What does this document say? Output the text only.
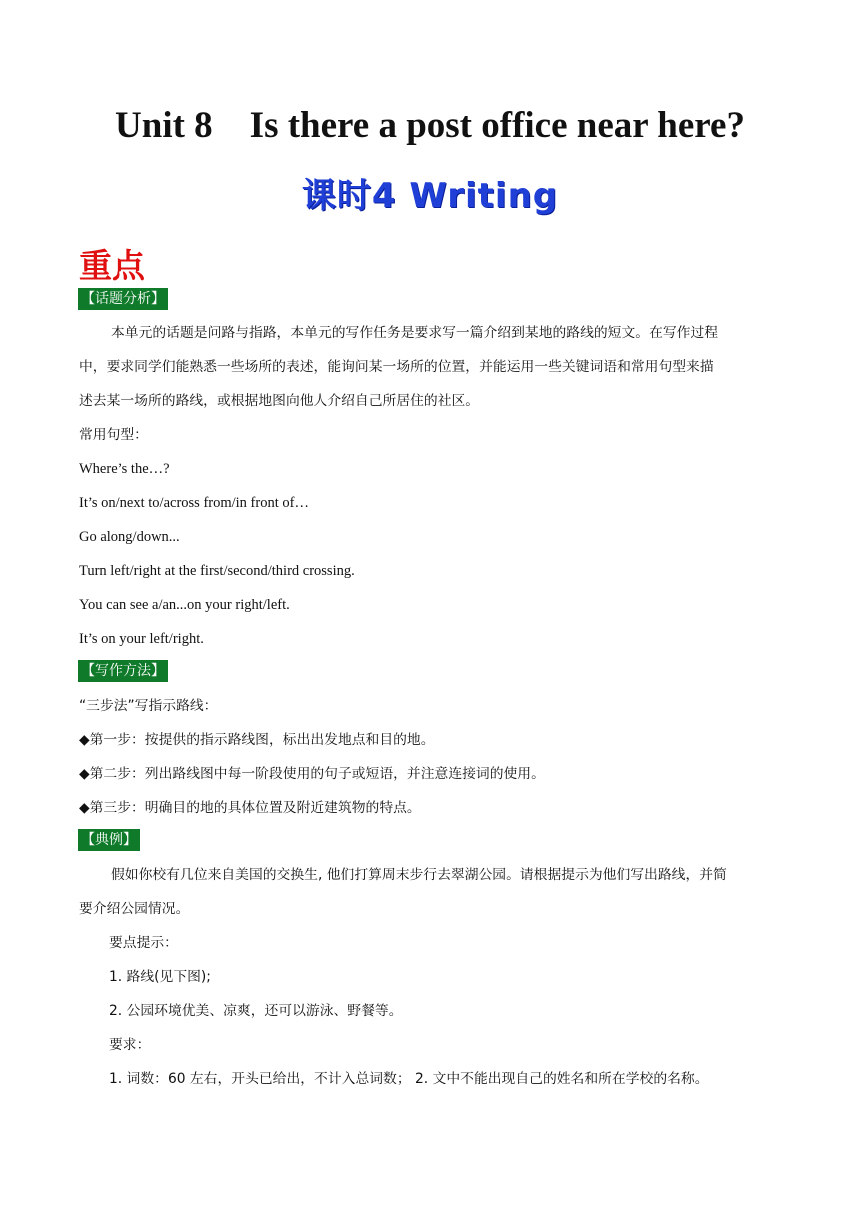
Unit 8    Is there a post office near here?
课时4 Writing
重点
【话题分析】
本单元的话题是问路与指路，本单元的写作任务是要求写一篇介绍到某地的路线的短文。在写作过程
中，要求同学们能熟悉一些场所的表述，能询问某一场所的位置，并能运用一些关键词语和常用句型来描
述去某一场所的路线，或根据地图向他人介绍自己所居住的社区。
常用句型：
Where’s the…?
It’s on/next to/across from/in front of…
Go along/down...
Turn left/right at the first/second/third crossing.
You can see a/an...on your right/left.
It’s on your left/right.
【写作方法】
“三步法”写指示路线：
◆第一步：按提供的指示路线图，标出出发地点和目的地。
◆第二步：列出路线图中每一阶段使用的句子或短语，并注意连接词的使用。
◆第三步：明确目的地的具体位置及附近建筑物的特点。
【典例】
假如你校有几位来自美国的交换生, 他们打算周末步行去翠湖公园。请根据提示为他们写出路线，并简
要介绍公园情况。
要点提示：
1. 路线(见下图);
2. 公园环境优美、凉爽，还可以游泳、野餐等。
要求：
1. 词数：60 左右，开头已给出，不计入总词数； 2. 文中不能出现自己的姓名和所在学校的名称。
